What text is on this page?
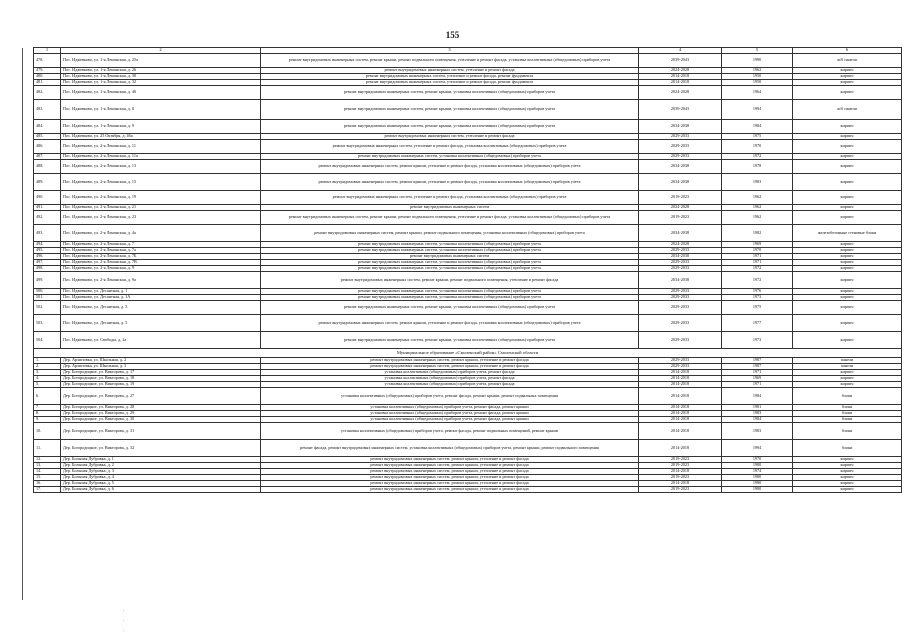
155
1	2	3	4	5	6
478.	Пос. Иджевково, ул. 1-я Ленинская, д. 25а	ремонт внутридомовых инженерных систем, ремонт крыши, ремонт подвального помещения, утепление и ремонт фасада, установка коллективных (общедомовых) приборов учета	2039-2043	1990	ж/б панели
479.	Пос. Иджевково, ул. 1-я Ленинская, д. 26	ремонт внутридомовых инженерных систем, утепление и ремонт фасада	2024-2028	1962	кирпич
480.	Пос. Иджевково, ул. 1-я Ленинская, д. 30	ремонт внутридомовых инженерных систем, утепление и ремонт фасада, ремонт фундамента	2014-2018	1950	кирпич
481.	Пос. Иджевково, ул. 1-я Ленинская, д. 32	ремонт внутридомовых инженерных систем, утепление и ремонт фасада, ремонт фундамента	2014-2018	1950	кирпич
482.	Пос. Иджевково, ул. 1-я Ленинская, д. 46	ремонт внутридомовых инженерных систем, ремонт крыши, установка коллективных (общедомовых) приборов учета	2024-2028	1964	кирпич
483.	Пос. Иджевково, ул. 1-я Ленинская, д. 8	ремонт внутридомовых инженерных систем, ремонт крыши, установка коллективных (общедомовых) приборов учета	2039-2043	1994	ж/б панели
484.	Пос. Иджевково, ул. 1-я Ленинская, д. 9	ремонт внутридомовых инженерных систем, ремонт крыши, установка коллективных (общедомовых) приборов учета	2034-2038	1984	кирпич
485.	Пос. Иджевково, ул. 25 Октября, д. 46а	ремонт внутридомовых инженерных систем, утепление и ремонт фасада	2029-2033	1975	кирпич
486.	Пос. Иджевково, ул. 2-я Ленинская, д. 11	ремонт внутридомовых инженерных систем, утепление и ремонт фасада, установка коллективных (общедомовых) приборов учета	2029-2033	1970	кирпич
487.	Пос. Иджевково, ул. 2-я Ленинская, д. 11а	ремонт внутридомовых инженерных систем, установка коллективных (общедомовых) приборов учета	2029-2033	1972	кирпич
488.	Пос. Иджевково, ул. 2-я Ленинская, д. 13	ремонт внутридомовых инженерных систем, ремонт крыши, утепление и ремонт фасада, установка коллективных (общедомовых) приборов учета	2034-2038	1978	кирпич
489.	Пос. Иджевково, ул. 2-я Ленинская, д. 15	ремонт внутридомовых инженерных систем, ремонт крыши, утепление и ремонт фасада, установка коллективных (общедомовых) приборов учета	2034-2038	1983	кирпич
490.	Пос. Иджевково, ул. 2-я Ленинская, д. 19	ремонт внутридомовых инженерных систем, утепление и ремонт фасада, установка коллективных (общедомовых) приборов учета	2019-2023	1962	кирпич
491.	Пос. Иджевково, ул. 2-я Ленинская, д. 21	ремонт внутридомовых инженерных систем	2024-2028	1962	кирпич
492.	Пос. Иджевково, ул. 2-я Ленинская, д. 23	ремонт внутридомовых инженерных систем, ремонт крыши, ремонт подвального помещения, утепление и ремонт фасада, установка коллективных (общедомовых) приборов учета	2019-2023	1962	кирпич
493.	Пос. Иджевково, ул. 2-я Ленинская, д. 4а	ремонт внутридомовых инженерных систем, ремонт крыши, ремонт подвального помещения, установка коллективных (общедомовых) приборов учета	2034-2038	1982	железобетонные стеновые блоки
494.	Пос. Иджевково, ул. 2-я Ленинская, д. 7	ремонт внутридомовых инженерных систем, установка коллективных (общедомовых) приборов учета	2024-2028	1969	кирпич
495.	Пос. Иджевково, ул. 2-я Ленинская, д. 7а	ремонт внутридомовых инженерных систем, установка коллективных (общедомовых) приборов учета	2029-2033	1970	кирпич
496.	Пос. Иджевково, ул. 2-я Ленинская, д. 7Б	ремонт внутридомовых инженерных систем	2034-2038	1971	кирпич
497.	Пос. Иджевково, ул. 2-я Ленинская, д. 7В	ремонт внутридомовых инженерных систем, установка коллективных (общедомовых) приборов учета	2029-2033	1971	кирпич
498.	Пос. Иджевково, ул. 2-я Ленинская, д. 9	ремонт внутридомовых инженерных систем, установка коллективных (общедомовых) приборов учета	2029-2033	1972	кирпич
499.	Пос. Иджевково, ул. 2-я Ленинская, д. 9а	ремонт внутридомовых инженерных систем, ремонт крыши, ремонт подвального помещения, утепление и ремонт фасада	2034-2038	1972	кирпич
500.	Пос. Иджевково, ул. Десантная, д. 1	ремонт внутридомовых инженерных систем, установка коллективных (общедомовых) приборов учета	2029-2033	1976	кирпич
501.	Пос. Иджевково, ул. Десантная, д. 1А	ремонт внутридомовых инженерных систем, установка коллективных (общедомовых) приборов учета	2029-2033	1973	кирпич
502.	Пос. Иджевково, ул. Десантная, д. 3	ремонт внутридомовых инженерных систем, ремонт крыши, установка коллективных (общедомовых) приборов учета	2029-2033	1975	кирпич
503.	Пос. Иджевково, ул. Десантная, д. 5	ремонт внутридомовых инженерных систем, ремонт крыши, утепление и ремонт фасада, установка коллективных (общедомовых) приборов учета	2029-2033	1977	кирпич
504.	Пос. Иджевково, ул. Свободы, д. 2а	ремонт внутридомовых инженерных систем, ремонт крыши, установка коллективных (общедомовых) приборов учета	2029-2033	1973	кирпич
Муниципальное образование «Смоленский район» Смоленской области					
1.	Дер. Архиповка, ул. Школьная, д. 2	ремонт внутридомовых инженерных систем, ремонт крыши, утепление и ремонт фасада	2029-2033	1987	панели
2.	Дер. Архиповка, ул. Школьная, д. 3	ремонт внутридомовых инженерных систем, ремонт крыши, утепление и ремонт фасада	2029-2033	1987	панели
3.	Дер. Богородицкое, ул. Викторова, д. 17	установка коллективных (общедомовых) приборов учета, ремонт фасада	2014-2018	1971	кирпич
4.	Дер. Богородицкое, ул. Викторова, д. 18	установка коллективных (общедомовых) приборов учета, ремонт фасада	2014-2018	1969	кирпич
5.	Дер. Богородицкое, ул. Викторова, д. 19	установка коллективных (общедомовых) приборов учета, ремонт фасада	2014-2018	1971	кирпич
6.	Дер. Богородицкое, ул. Викторова, д. 27	установка коллективных (общедомовых) приборов учета, ремонт фасада, ремонт крыши, ремонт подвальных помещения	2014-2018	1984	блоки
7.	Дер. Богородицкое, ул. Викторова, д. 28	установка коллективных (общедомовых) приборов учета, ремонт фасада, ремонт крыши	2014-2018	1981	блоки
8.	Дер. Богородицкое, ул. Викторова, д. 29	установка коллективных (общедомовых) приборов учета, ремонт фасада, ремонт крыши	2014-2018	1983	блоки
9.	Дер. Богородицкое, ул. Викторова, д. 30	установка коллективных (общедомовых) приборов учета, ремонт фасада, ремонт крыши	2014-2018	1984	блоки
10.	Дер. Богородицкое, ул. Викторова, д. 31	установка коллективных (общедомовых) приборов учета, ремонт фасада, ремонт подвальных помещений, ремонт крыши	2014-2018	1983	блоки
11.	Дер. Богородицкое, ул. Викторова, д. 32	ремонт фасада, ремонт внутридомовых инженерных систем, установка коллективных (общедомовых) приборов учета, ремонт крыши, ремонт подвального помещения	2014-2018	1994	блоки
12.	Дер. Большая Дубровка, д. 1	ремонт внутридомовых инженерных систем, ремонт крыши, утепление и ремонт фасада	2019-2023	1970	кирпич
13.	Дер. Большая Дубровка, д. 2	ремонт внутридомовых инженерных систем, ремонт крыши, утепление и ремонт фасада	2019-2023	1980	кирпич
14.	Дер. Большая Дубровка, д. 3	ремонт внутридомовых инженерных систем, ремонт крыши, утепление и ремонт фасада	2014-2018	1974	кирпич
15.	Дер. Большая Дубровка, д. 4	ремонт внутридомовых инженерных систем, ремонт крыши, утепление и ремонт фасада	2019-2023	1980	кирпич
16.	Дер. Большая Дубровка, д. 5	ремонт внутридомовых инженерных систем, ремонт крыши, утепление и ремонт фасада	2014-2018	1980	кирпич
17.	Дер. Большая Дубровка, д. 6	ремонт внутридомовых инженерных систем, ремонт крыши, утепление и ремонт фасада	2019-2023	1980	кирпич
.
.
.
